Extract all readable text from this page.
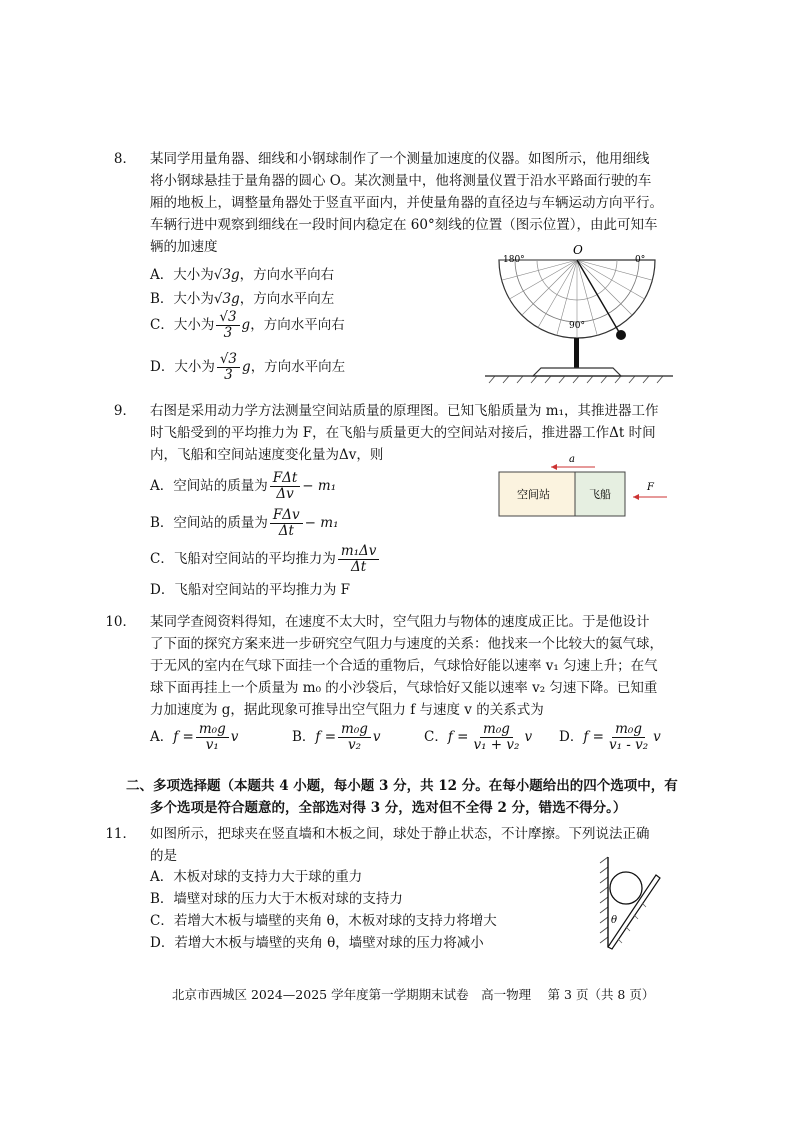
8． 某同学用量角器、细线和小钢球制作了一个测量加速度的仪器。如图所示，他用细线
将小钢球悬挂于量角器的圆心 O。某次测量中，他将测量仪置于沿水平路面行驶的车
厢的地板上，调整量角器处于竖直平面内，并使量角器的直径边与车辆运动方向平行。
车辆行进中观察到细线在一段时间内稳定在 60°刻线的位置（图示位置），由此可知车
辆的加速度
A．大小为√3g，方向水平向右
B．大小为√3g，方向水平向左
C．大小为 $\frac{√3}{3}$ g，方向水平向右
D．大小为 $\frac{√3}{3}$ g，方向水平向左
180°	0°
90°
O
9． 右图是采用动力学方法测量空间站质量的原理图。已知飞船质量为 m₁，其推进器工作
时飞船受到的平均推力为 F，在飞船与质量更大的空间站对接后，推进器工作Δt 时间
内，飞船和空间站速度变化量为Δv，则
A．空间站的质量为 $\frac{\text{FΔt}}{\Delta v} - m_1$
B．空间站的质量为 $\frac{\text{FΔv}}{\Delta t} - m_1$
C．飞船对空间站的平均推力为 $\frac{\text{m₁Δv}}{\Delta t}$
D．飞船对空间站的平均推力为 F
a
空间站	飞船
F
10． 某同学查阅资料得知，在速度不太大时，空气阻力与物体的速度成正比。于是他设计
了下面的探究方案来进一步研究空气阻力与速度的关系：他找来一个比较大的氦气球，
于无风的室内在气球下面挂一个合适的重物后，气球恰好能以速率 v₁ 匀速上升；在气
球下面再挂上一个质量为 m₀ 的小沙袋后，气球恰好又能以速率 v₂ 匀速下降。已知重
力加速度为 g，据此现象可推导出空气阻力 f 与速度 v 的关系式为
A．$f = \frac{\text{m₀g}}{\text{v₁}}$ v	B．$f = \frac{\text{m₀g}}{\text{v₂}}$ v	C．$f = \frac{\text{m₀g}}{\text{v₁ + v₂}}$ v D．$f = \frac{\text{m₀g}}{\text{v₁ - v₂}}$ v
二、多项选择题（本题共 4 小题，每小题 3 分，共 12 分。在每小题给出的四个选项中，有
多个选项是符合题意的，全部选对得 3 分，选对但不全得 2 分，错选不得分。）
11． 如图所示，把球夹在竖直墙和木板之间，球处于静止状态，不计摩擦。下列说法正确
的是
A．木板对球的支持力大于球的重力
B．墙壁对球的压力大于木板对球的支持力
C．若增大木板与墙壁的夹角 θ，木板对球的支持力将增大
D．若增大木板与墙壁的夹角 θ，墙壁对球的压力将减小
θ
北京市西城区 2024—2025 学年度第一学期期末试卷　高一物理　 第 3 页（共 8 页）
